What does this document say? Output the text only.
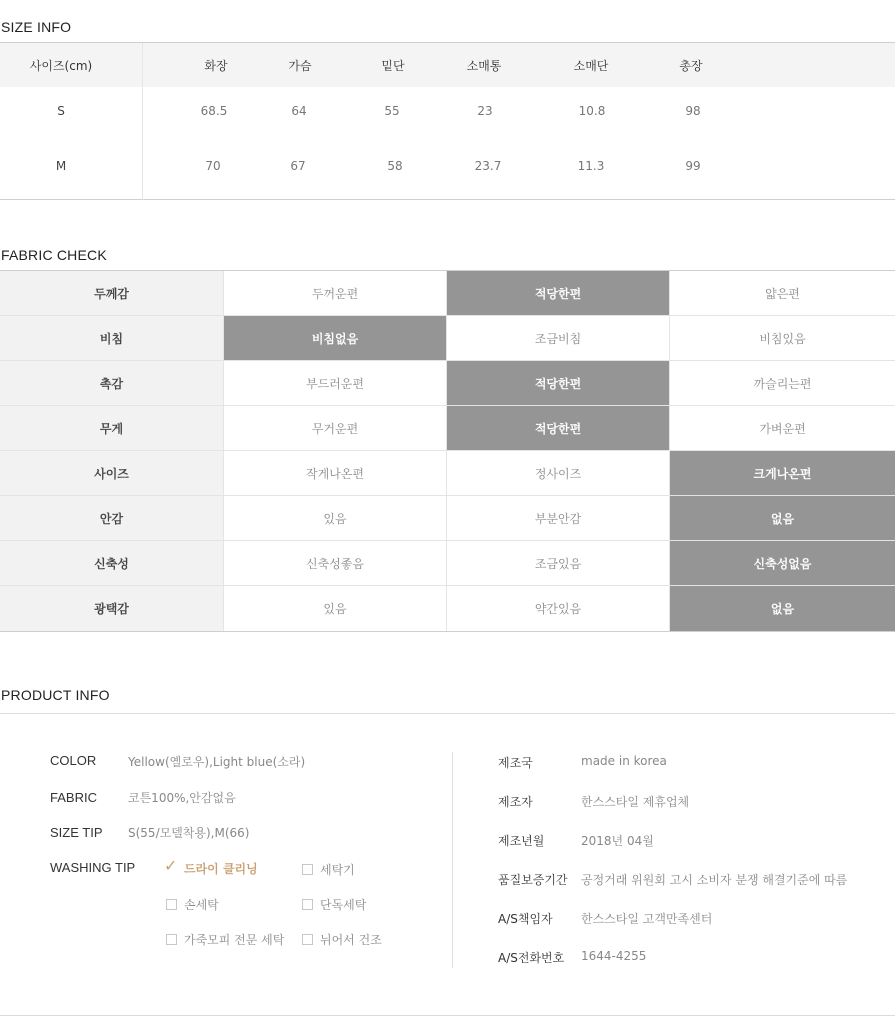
SIZE INFO
사이즈(cm)	화장	가슴	밑단	소매통	소매단	총장
S	68.5	64	55	23	10.8	98
M	70	67	58	23.7	11.3	99
FABRIC CHECK
두께감	두꺼운편	적당한편	얇은편
비침	비침없음	조금비침	비침있음
촉감	부드러운편	적당한편	까슬리는편
무게	무거운편	적당한편	가벼운편
사이즈	작게나온편	정사이즈	크게나온편
안감	있음	부분안감	없음
신축성	신축성좋음	조금있음	신축성없음
광택감	있음	약간있음	없음
PRODUCT INFO
COLOR	Yellow(옐로우),Light blue(소라)
FABRIC	코튼100%,안감없음
SIZE TIP S(55/모델착용),M(66)
WASHING TIP ✓ 드라이 클리닝	세탁기
손세탁	단독세탁
가죽모피 전문 세탁	뉘어서 건조
제조국	made in korea
제조자	한스스타일 제휴업체
제조년월	2018년 04월
품질보증기간 공정거래 위원회 고시 소비자 분쟁 해결기준에 따름
A/S책임자 한스스타일 고객만족센터
A/S전화번호 1644-4255
